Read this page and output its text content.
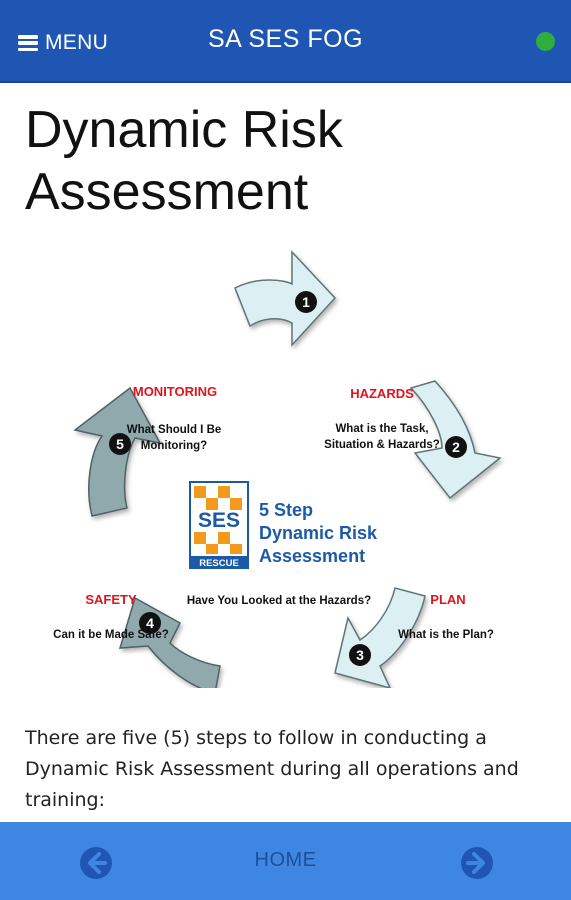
MENU	SA SES FOG
Dynamic Risk Assessment
1
2
3
4
5
MONITORING	HAZARDS
PLAN
SAFETY
What Should I Be
Monitoring?
What is the Task,
Situation & Hazards?
What is the Plan?
Have You Looked at the Hazards?
Can it be Made Safe?
SES
RESCUE
5 Step
Dynamic Risk
Assessment

There are five (5) steps to follow in conducting a Dynamic Risk Assessment during all operations and training:

HOME
